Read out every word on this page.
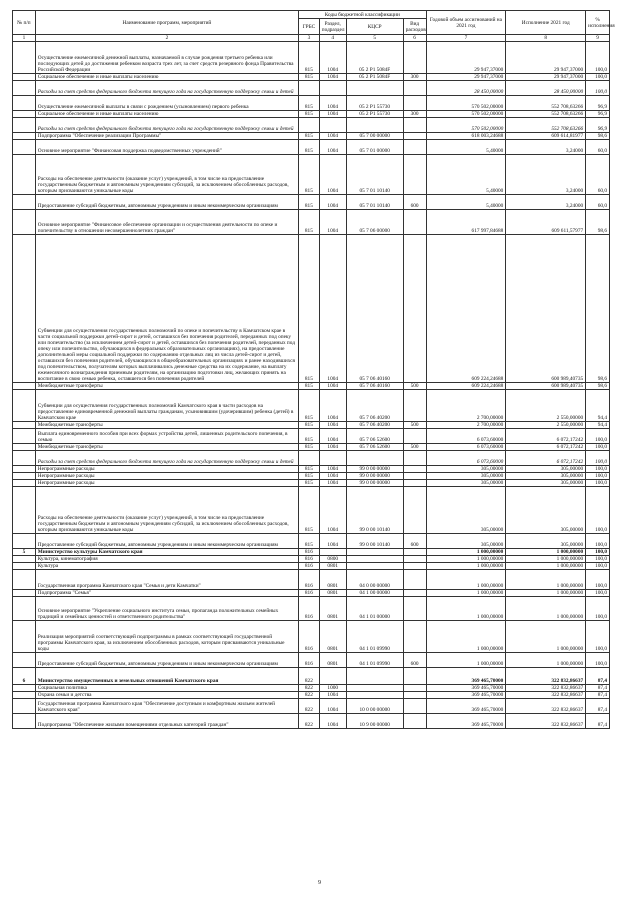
№ п/п	Наименование программ, мероприятий	Коды бюджетной классификации				Годовой объем ассигнований на 2021 год	Исполнение 2021 год	% исполнения
		ГРБС	Раздел, подраздел	КЦСР	Вид расходов			
1	2	3	4	5	6	7	8	9
	Осуществление ежемесячной денежной выплаты, назначаемой в случае рождения третьего ребенка или последующих детей до достижения ребенком возраста трех лет, за счет средств резервного фонда Правительства Российской Федерации	815	1004	05 2 P1 5084F		29 947,37000	29 947,37000	100,0
	Социальное обеспечение и иные выплаты населению	815	1004	05 2 P1 5084F	300	29 947,37000	29 947,37000	100,0
	Расходы за счет средств федерального бюджета текущего года на государственную поддержку семьи и детей					28 450,00000	28 450,00000	100,0
	Осуществление ежемесячной выплаты в связи с рождением (усыновлением) первого ребенка	815	1004	05 2 P1 55730		570 502,00000	552 708,63266	96,9
	Социальное обеспечение и иные выплаты населению	815	1004	05 2 P1 55730	300	570 502,00000	552 708,63266	96,9
	Расходы за счет средств федерального бюджета текущего года на государственную поддержку семьи и детей					570 502,00000	552 708,63266	96,9
	Подпрограмма "Обеспечение реализации Программы"	815	1004	05 7 00 00000		618 003,24688	609 614,81977	98,6
	Основное мероприятие "Финансовая поддержка подведомственных учреждений"	815	1004	05 7 01 00000		5,40000	3,24000	60,0
	Расходы на обеспечение деятельности (оказание услуг) учреждений, в том числе на предоставление государственным бюджетным и автономным учреждениям субсидий, за исключением обособленных расходов, которым присваиваются уникальные коды	815	1004	05 7 01 10140		5,40000	3,24000	60,0
	Предоставление субсидий бюджетным, автономным учреждениям и иным некоммерческим организациям	815	1004	05 7 01 10140	600	5,40000	3,24000	60,0
	Основное мероприятие "Финансовое обеспечение организации и осуществления деятельности по опеке и попечительству в отношении несовершеннолетних граждан"	815	1004	05 7 06 00000		617 997,84688	609 611,57977	98,6
	Субвенции для осуществления государственных полномочий по опеке и попечительству в Камчатском крае в части социальной поддержки детей-сирот и детей, оставшихся без попечения родителей, переданных под опеку или попечительство (за исключением детей-сирот и детей, оставшихся без попечения родителей, переданных под опеку или попечительство, обучающихся в федеральных образовательных организациях), на предоставление дополнительной меры социальной поддержки по содержанию отдельных лиц из числа детей-сирот и детей, оставшихся без попечения родителей, обучающихся в общеобразовательных организациях и ранее находившихся под попечительством, получателям которых выплачивались денежные средства на их содержание, на выплату ежемесячного вознаграждения приемным родителям, на организацию подготовки лиц, желающих принять на воспитание в свою семью ребенка, оставшегося без попечения родителей	815	1004	05 7 06 40160		609 224,24688	600 989,40735	98,6
	Межбюджетные трансферты	815	1004	05 7 06 40160	500	609 224,24688	600 989,40735	98,6
	Субвенции для осуществления государственных полномочий Камчатского края в части расходов на предоставление единовременной денежной выплаты гражданам, усыновившим (удочерившим) ребенка (детей) в Камчатском крае	815	1004	05 7 06 40200		2 700,00000	2 550,00000	94,4
	Межбюджетные трансферты	815	1004	05 7 06 40200	500	2 700,00000	2 550,00000	94,4
	Выплата единовременного пособия при всех формах устройства детей, лишенных родительского попечения, в семью	815	1004	05 7 06 52600		6 073,60000	6 072,17242	100,0
	Межбюджетные трансферты	815	1004	05 7 06 52600	500	6 073,60000	6 072,17242	100,0
	Расходы за счет средств федерального бюджета текущего года на государственную поддержку семьи и детей					6 073,60000	6 072,17242	100,0
	Непрограммные расходы	815	1004	99 0 00 00000		305,00000	305,00000	100,0
	Непрограммные расходы	815	1004	99 0 00 00000		305,00000	305,00000	100,0
	Непрограммные расходы	815	1004	99 0 00 00000		305,00000	305,00000	100,0
	Расходы на обеспечение деятельности (оказание услуг) учреждений, в том числе на предоставление государственным бюджетным и автономным учреждениям субсидий, за исключением обособленных расходов, которым присваиваются уникальные коды	815	1004	99 0 00 10140		305,00000	305,00000	100,0
	Предоставление субсидий бюджетным, автономным учреждениям и иным некоммерческим организациям	815	1004	99 0 00 10140	600	305,00000	305,00000	100,0
5	Министерство культуры Камчатского края	816				1 000,00000	1 000,00000	100,0
	Культура, кинематография	816	0800			1 000,00000	1 000,00000	100,0
	Культура	816	0801			1 000,00000	1 000,00000	100,0
	Государственная программа Камчатского края "Семья и дети Камчатки"	816	0801	04 0 00 00000		1 000,00000	1 000,00000	100,0
	Подпрограмма "Семья"	816	0801	04 1 00 00000		1 000,00000	1 000,00000	100,0
	Основное мероприятие "Укрепление социального института семьи, пропаганда положительных семейных традиций и семейных ценностей и ответственного родительства"	816	0801	04 1 01 00000		1 000,00000	1 000,00000	100,0
	Реализация мероприятий соответствующей подпрограммы в рамках соответствующей государственной программы Камчатского края, за исключением обособленных расходов, которым присваиваются уникальные коды	816	0801	04 1 01 09990		1 000,00000	1 000,00000	100,0
	Предоставление субсидий бюджетным, автономным учреждениям и иным некоммерческим организациям	816	0801	04 1 01 09990	600	1 000,00000	1 000,00000	100,0
6	Министерство имущественных и земельных отношений Камчатского края	822				369 465,70000	322 832,86637	87,4
	Социальная политика	822	1000			369 465,70000	322 832,86637	87,4
	Охрана семьи и детства	822	1004			369 465,70000	322 832,86637	87,4
	Государственная программа Камчатского края "Обеспечение доступным и комфортным жильем жителей Камчатского края"	822	1004	10 0 00 00000		369 465,70000	322 832,86637	87,4
	Подпрограмма "Обеспечение жилыми помещениями отдельных категорий граждан"	822	1004	10 9 00 00000		369 465,70000	322 832,86637	87,4
9
